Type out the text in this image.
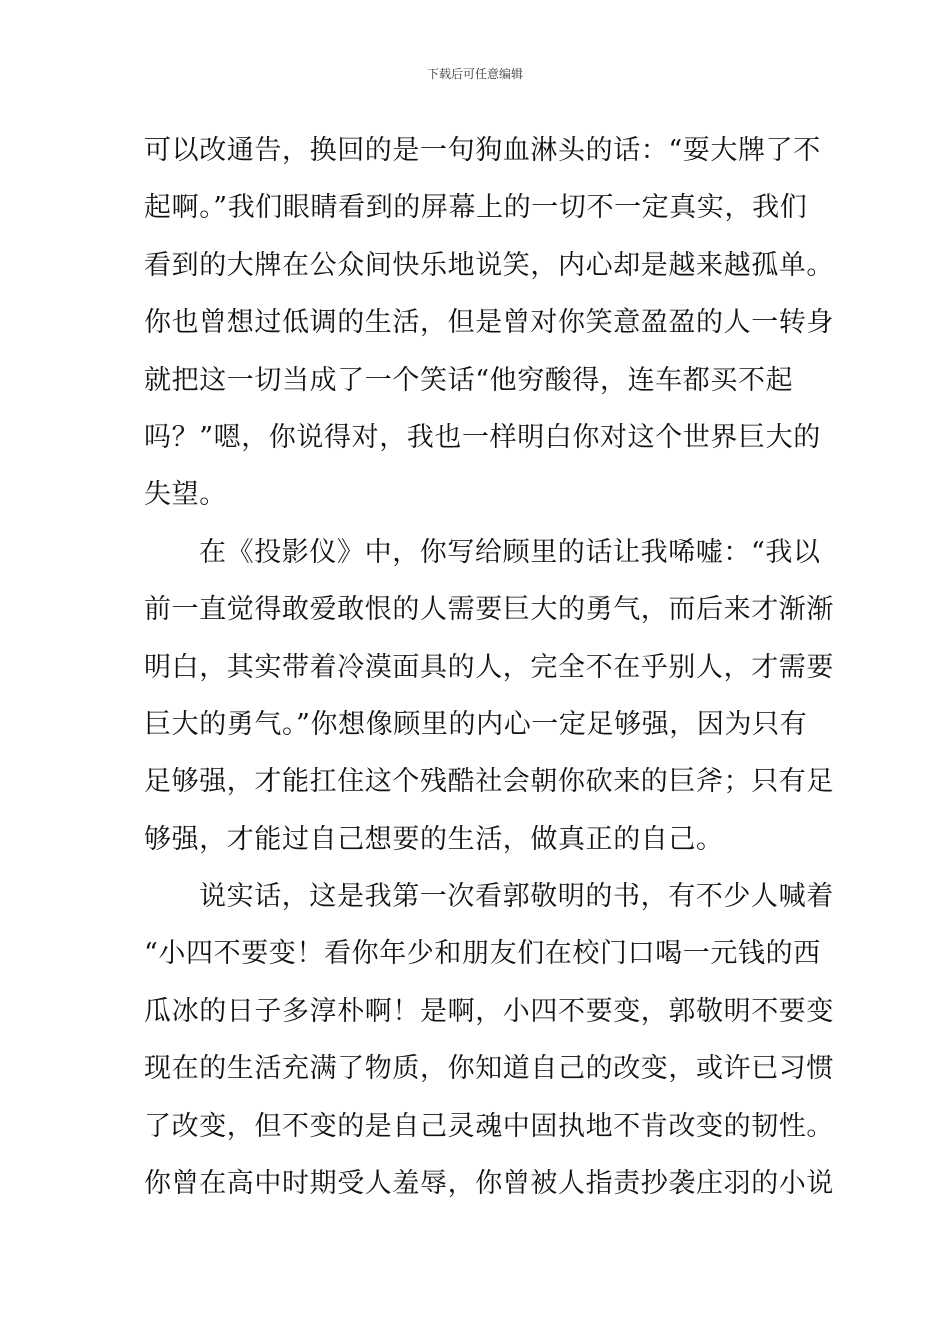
下载后可任意编辑
可以改通告，换回的是一句狗血淋头的话：“耍大牌了不
起啊。”我们眼睛看到的屏幕上的一切不一定真实，我们
看到的大牌在公众间快乐地说笑，内心却是越来越孤单。
你也曾想过低调的生活，但是曾对你笑意盈盈的人一转身
就把这一切当成了一个笑话“他穷酸得，连车都买不起
吗？”嗯，你说得对，我也一样明白你对这个世界巨大的
失望。
在《投影仪》中，你写给顾里的话让我唏嘘：“我以
前一直觉得敢爱敢恨的人需要巨大的勇气，而后来才渐渐
明白，其实带着冷漠面具的人，完全不在乎别人，才需要
巨大的勇气。”你想像顾里的内心一定足够强，因为只有
足够强，才能扛住这个残酷社会朝你砍来的巨斧；只有足
够强，才能过自己想要的生活，做真正的自己。
说实话，这是我第一次看郭敬明的书，有不少人喊着
“小四不要变！看你年少和朋友们在校门口喝一元钱的西
瓜冰的日子多淳朴啊！是啊，小四不要变，郭敬明不要变
现在的生活充满了物质，你知道自己的改变，或许已习惯
了改变，但不变的是自己灵魂中固执地不肯改变的韧性。
你曾在高中时期受人羞辱，你曾被人指责抄袭庄羽的小说
